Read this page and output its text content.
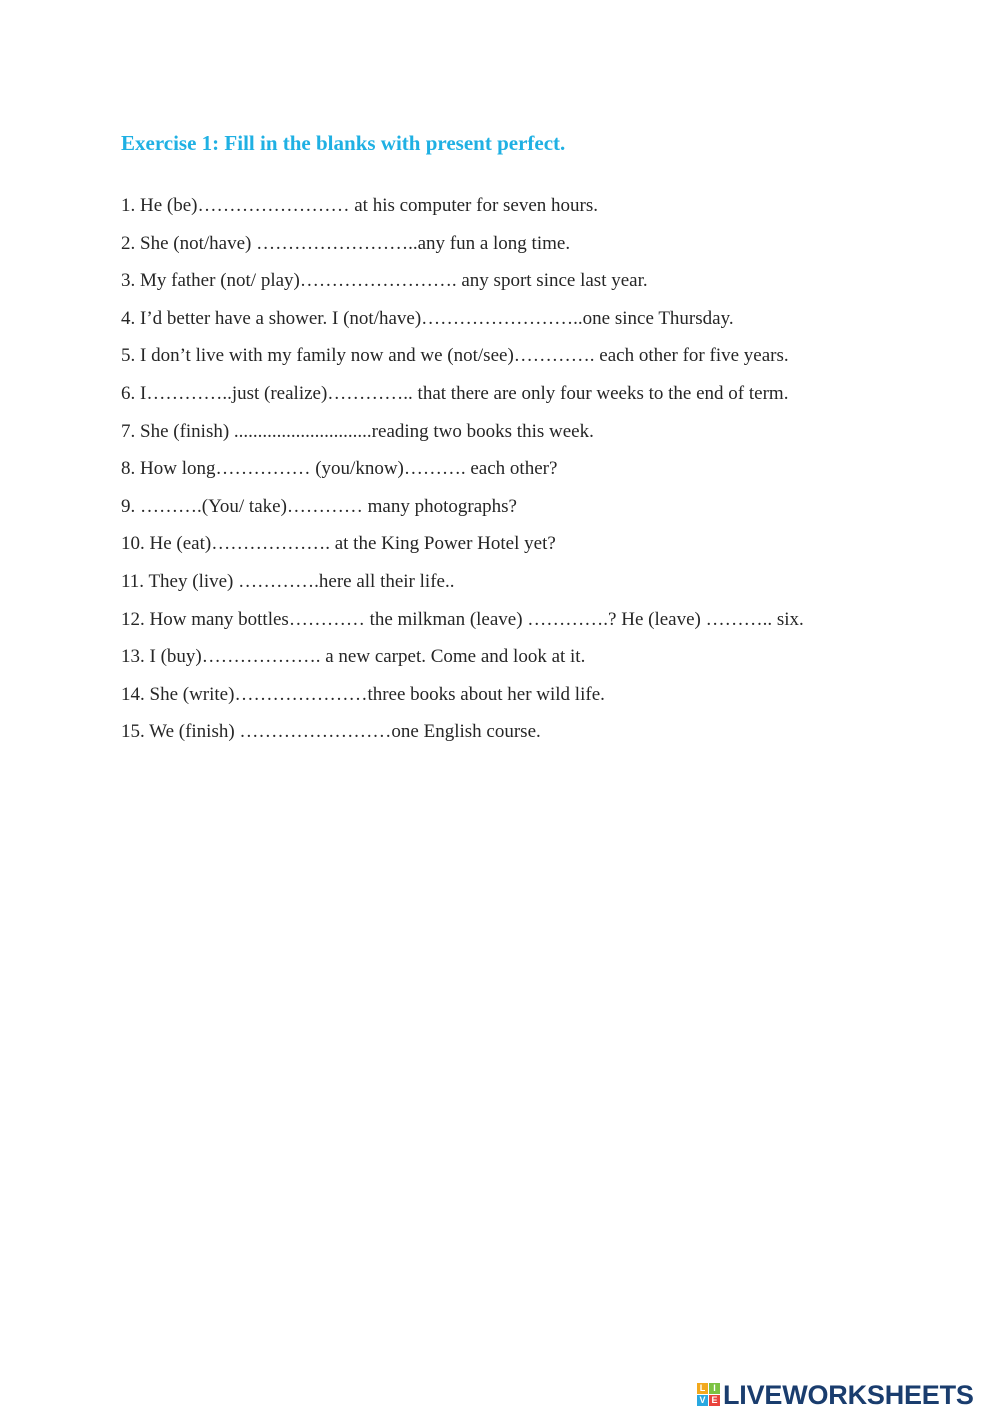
Exercise 1: Fill in the blanks with present perfect.
1. He (be)…………………… at his computer for seven hours.
2. She (not/have) ……………………..any fun a long time.
3. My father (not/ play)……………………. any sport since last year.
4. I’d better have a shower. I (not/have)……………………..one since Thursday.
5. I don’t live with my family now and we (not/see)…………. each other for five years.
6. I…………..just (realize)………….. that there are only four weeks to the end of term.
7. She (finish) .............................reading two books this week.
8. How long…………… (you/know)………. each other?
9. ……….(You/ take)………… many photographs?
10. He (eat)………………. at the King Power Hotel yet?
11. They (live) ………….here all their life..
12. How many bottles………… the milkman (leave) ………….? He (leave) ……….. six.
13. I (buy)………………. a new carpet. Come and look at it.
14. She (write)…………………three books about her wild life.
15. We (finish) ……………………one English course.
L I
V E LIVEWORKSHEETS
